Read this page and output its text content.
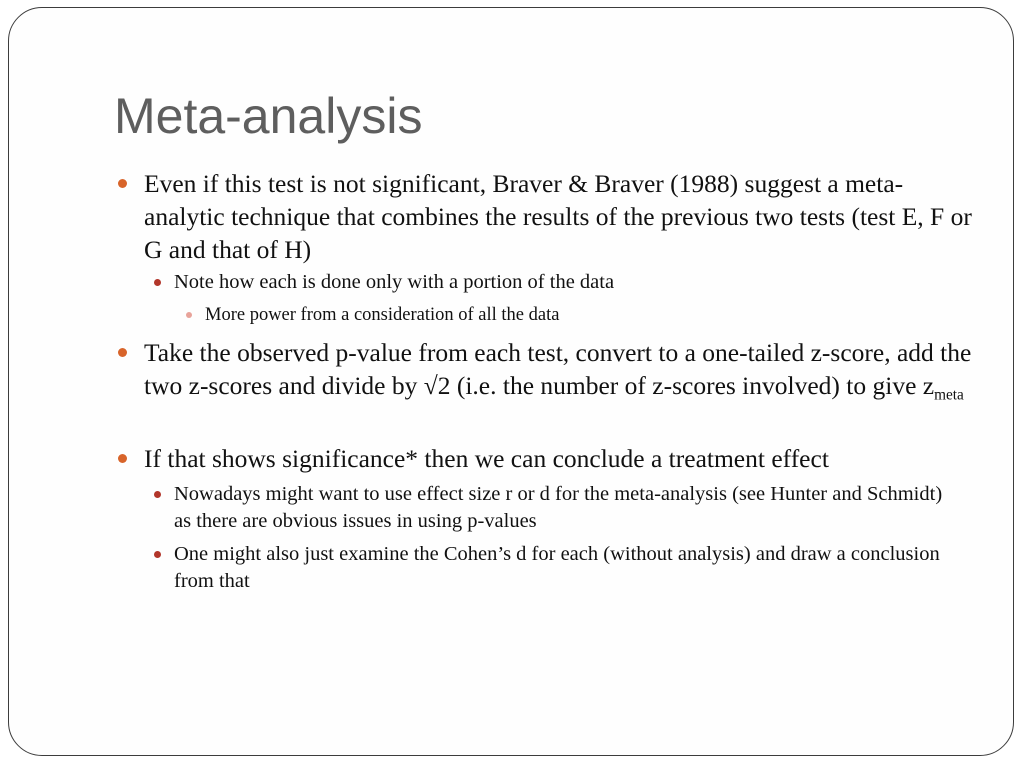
Meta-analysis

Even if this test is not significant, Braver & Braver (1988) suggest a meta-analytic technique that combines the results of the previous two tests (test E, F or G and that of H)

Note how each is done only with a portion of the data

More power from a consideration of all the data

Take the observed p-value from each test, convert to a one-tailed z-score, add the two z-scores and divide by √2 (i.e. the number of z-scores involved) to give $z_{meta}$

If that shows significance* then we can conclude a treatment effect

Nowadays might want to use effect size r or d for the meta-analysis (see Hunter and Schmidt) as there are obvious issues in using p-values

One might also just examine the Cohen’s d for each (without analysis) and draw a conclusion from that
